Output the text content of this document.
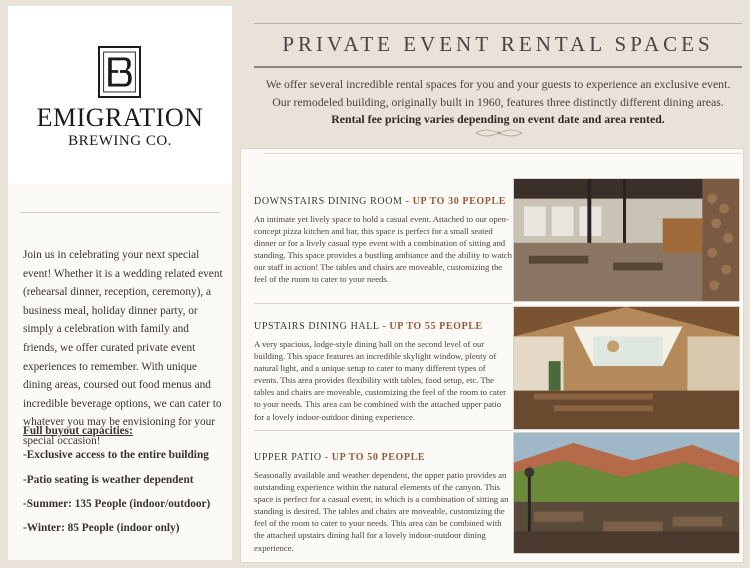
EMIGRATION
BREWING CO.
Join us in celebrating your next special event! Whether it is a wedding related event (rehearsal dinner, reception, ceremony), a business meal, holiday dinner party, or simply a celebration with family and friends, we offer curated private event experiences to remember. With unique dining areas, coursed out food menus and incredible beverage options, we can cater to whatever you may be envisioning for your special occasion!
Full buyout capacities:
-Exclusive access to the entire building
-Patio seating is weather dependent
-Summer: 135 People (indoor/outdoor)
-Winter: 85 People (indoor only)
PRIVATE EVENT RENTAL SPACES
We offer several incredible rental spaces for you and your guests to experience an exclusive event.
Our remodeled building, originally built in 1960, features three distinctly different dining areas.
Rental fee pricing varies depending on event date and area rented.
DOWNSTAIRS DINING ROOM - UP TO 30 PEOPLE
An intimate yet lively space to hold a casual event. Attached to our open-concept pizza kitchen and bar, this space is perfect for a small seated dinner or for a lively casual type event with a combination of sitting and standing. This space provides a bustling ambiance and the ability to watch our staff in action! The tables and chairs are moveable, customizing the feel of the room to cater to your needs.
UPSTAIRS DINING HALL - UP TO 55 PEOPLE
A very spacious, lodge-style dining hall on the second level of our building. This space features an incredible skylight window, plenty of natural light, and a unique setup to cater to many different types of events. This area provides flexibility with tables, food setup, etc. The tables and chairs are moveable, customizing the feel of the room to cater to your needs. This area can be combined with the attached upper patio for a lovely indoor-outdoor dining experience.
UPPER PATIO - UP TO 50 PEOPLE
Seasonally available and weather dependent, the upper patio provides an outstanding experience within the natural elements of the canyon. This space is perfect for a casual event, in which is a combination of sitting an standing is desired. The tables and chairs are moveable, customizing the feel of the room to cater to your needs. This area can be combined with the attached upstairs dining hall for a lovely indoor-outdoor dining experience.
